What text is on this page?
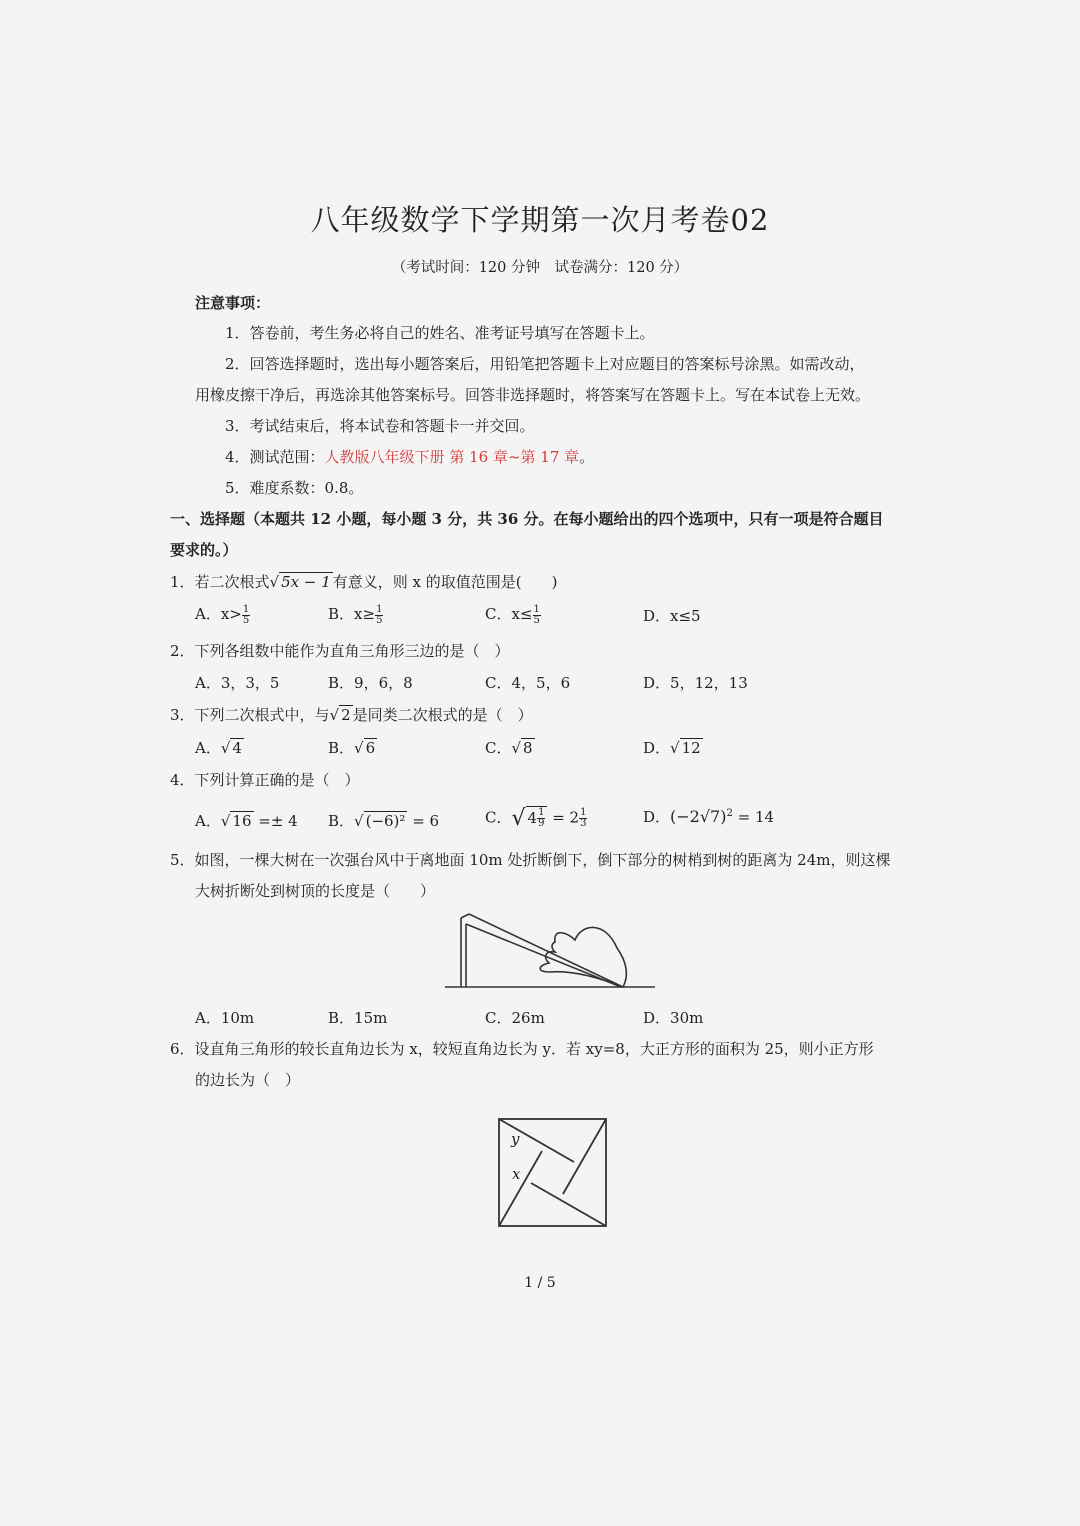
八年级数学下学期第一次月考卷02
（考试时间：120 分钟　试卷满分：120 分）
注意事项：
1．答卷前，考生务必将自己的姓名、准考证号填写在答题卡上。
2．回答选择题时，选出每小题答案后，用铅笔把答题卡上对应题目的答案标号涂黑。如需改动，
用橡皮擦干净后，再选涂其他答案标号。回答非选择题时，将答案写在答题卡上。写在本试卷上无效。
3．考试结束后，将本试卷和答题卡一并交回。
4．测试范围：人教版八年级下册 第 16 章~第 17 章。
5．难度系数：0.8。
一、选择题（本题共 12 小题，每小题 3 分，共 36 分。在每小题给出的四个选项中，只有一项是符合题目
要求的。）
1．若二次根式√ 5x − 1 有意义，则 x 的取值范围是(　　)
A．$x> \frac{1}{5}$	B．$x\ge \frac{1}{5}$	C．$x\le \frac{1}{5}$	D．x≤5
2．下列各组数中能作为直角三角形三边的是（　）
A．3，3，5	B．9，6，8	C．4，5，6	D．5，12，13
3．下列二次根式中，与√ 2 是同类二次根式的是（　）
A．√ 4	B．√ 6	C．√ 8	D．√ 12
4．下列计算正确的是（　）
A．√ 16 =± 4 B．√ (−6)² = 6	C．√ $4 \frac{1}{9} = 2 \frac{1}{3}$	D．$(-2√7)^2 = 14$
5．如图，一棵大树在一次强台风中于离地面 10m 处折断倒下，倒下部分的树梢到树的距离为 24m，则这棵
大树折断处到树顶的长度是（　　）
A．10m	B．15m	C．26m	D．30m
6．设直角三角形的较长直角边长为 x，较短直角边长为 y．若 xy=8，大正方形的面积为 25，则小正方形
的边长为（　）
y
x
1 / 5
